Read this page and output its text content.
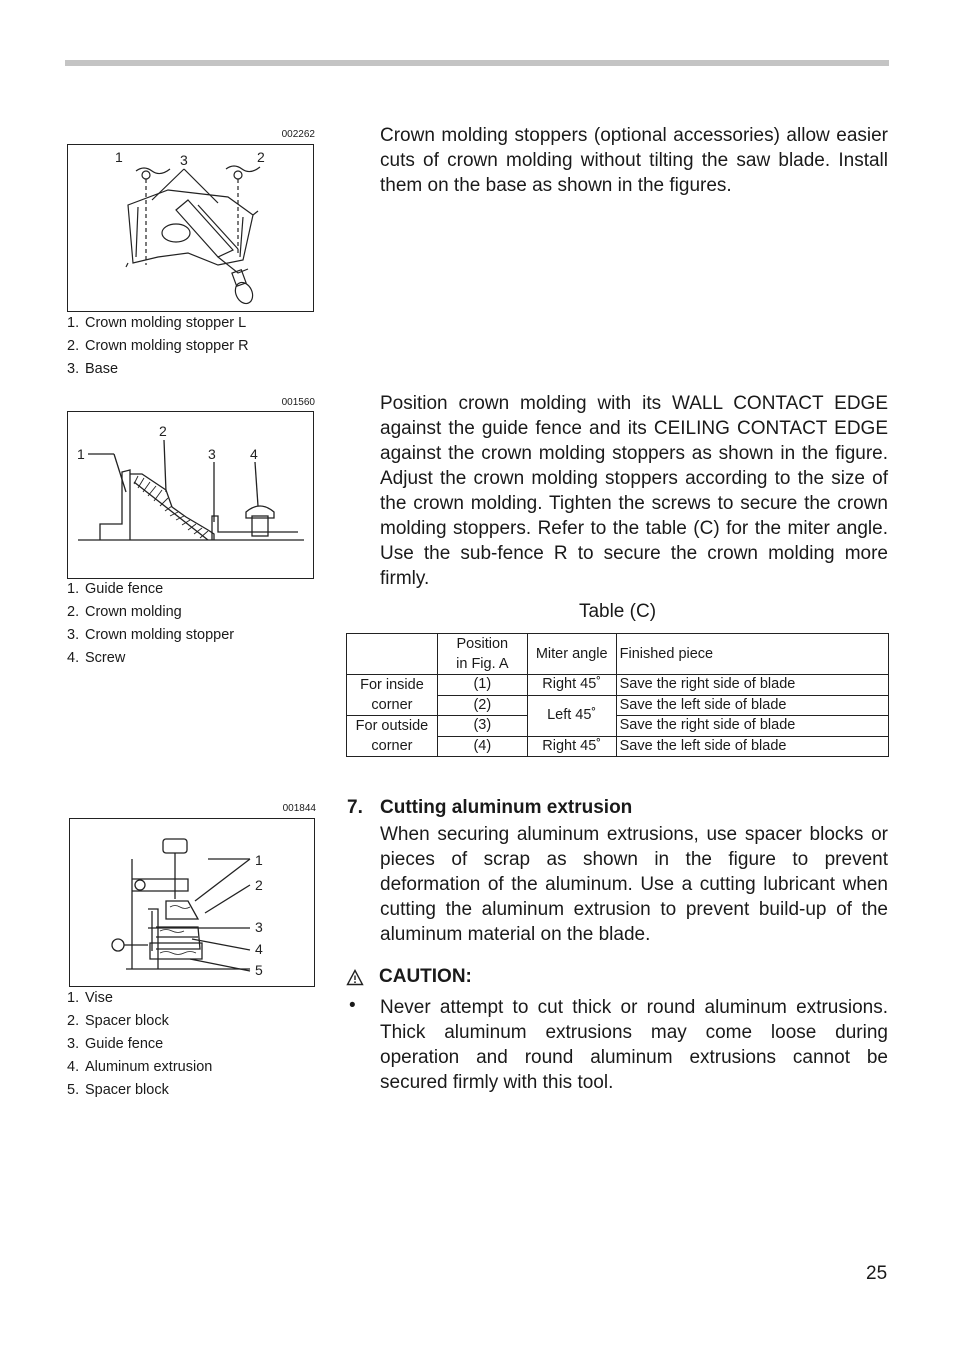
002262
1	3	2
1. Crown molding stopper L
2. Crown molding stopper R
3. Base
Crown molding stoppers (optional accessories) allow easier cuts of crown molding without tilting the saw blade. Install them on the base as shown in the figures.
001560
1
2
3 4
1. Guide fence
2. Crown molding
3. Crown molding stopper
4. Screw
Position crown molding with its WALL CONTACT EDGE against the guide fence and its CEILING CONTACT EDGE against the crown molding stoppers as shown in the figure. Adjust the crown molding stoppers according to the size of the crown molding. Tighten the screws to secure the crown molding stoppers. Refer to the table (C) for the miter angle. Use the sub-fence R to secure the crown molding more firmly.
Table (C)
	Position
in Fig. A	Miter angle	Finished piece
For inside
corner	(1)	Right 45˚	Save the right side of blade
	(2)	Left 45˚	Save the left side of blade
For outside
corner	(3)		Save the right side of blade
	(4)	Right 45˚	Save the left side of blade
001844
1
2
3
4
5
1. Vise
2. Spacer block
3. Guide fence
4. Aluminum extrusion
5. Spacer block
7. Cutting aluminum extrusion
When securing aluminum extrusions, use spacer blocks or pieces of scrap as shown in the figure to prevent deformation of the aluminum. Use a cutting lubricant when cutting the aluminum extrusion to prevent build-up of the aluminum material on the blade.
CAUTION:
• Never attempt to cut thick or round aluminum extrusions. Thick aluminum extrusions may come loose during operation and round aluminum extrusions cannot be secured firmly with this tool.
25
